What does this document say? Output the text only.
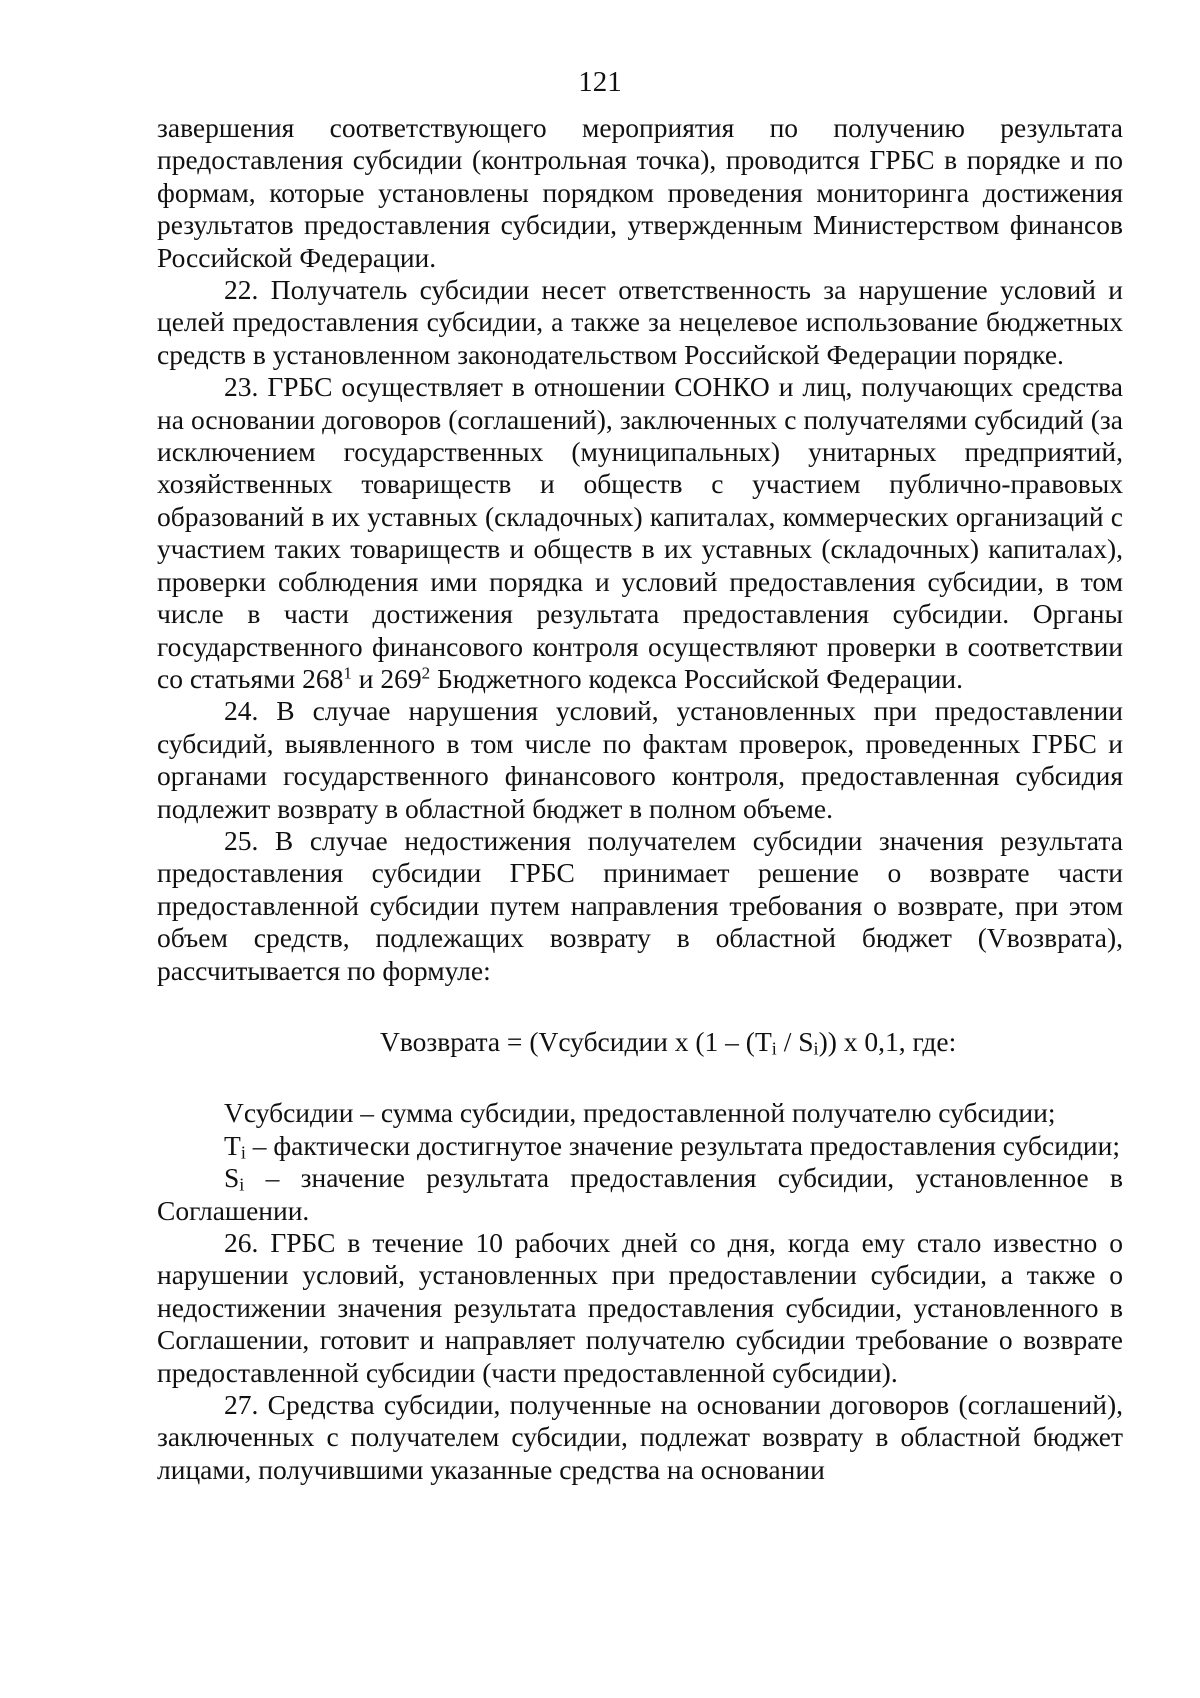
121

завершения соответствующего мероприятия по получению результата предоставления субсидии (контрольная точка), проводится ГРБС в порядке и по формам, которые установлены порядком проведения мониторинга достижения результатов предоставления субсидии, утвержденным Министерством финансов Российской Федерации.

22. Получатель субсидии несет ответственность за нарушение условий и целей предоставления субсидии, а также за нецелевое использование бюджетных средств в установленном законодательством Российской Федерации порядке.

23. ГРБС осуществляет в отношении СОНКО и лиц, получающих средства на основании договоров (соглашений), заключенных с получателями субсидий (за исключением государственных (муниципальных) унитарных предприятий, хозяйственных товариществ и обществ с участием публично-правовых образований в их уставных (складочных) капиталах, коммерческих организаций с участием таких товариществ и обществ в их уставных (складочных) капиталах), проверки соблюдения ими порядка и условий предоставления субсидии, в том числе в части достижения результата предоставления субсидии. Органы государственного финансового контроля осуществляют проверки в соответствии со статьями $268^1$ и $269^2$ Бюджетного кодекса Российской Федерации.

24. В случае нарушения условий, установленных при предоставлении субсидий, выявленного в том числе по фактам проверок, проведенных ГРБС и органами государственного финансового контроля, предоставленная субсидия подлежит возврату в областной бюджет в полном объеме.

25. В случае недостижения получателем субсидии значения результата предоставления субсидии ГРБС принимает решение о возврате части предоставленной субсидии путем направления требования о возврате, при этом объем средств, подлежащих возврату в областной бюджет (Vвозврата), рассчитывается по формуле:

Vвозврата = (Vсубсидии x $(1 - (T_i / S_i))$ x 0,1, где:

Vсубсидии – сумма субсидии, предоставленной получателю субсидии;

$T_i$ – фактически достигнутое значение результата предоставления субсидии;

$S_i$ – значение результата предоставления субсидии, установленное в Соглашении.

26. ГРБС в течение 10 рабочих дней со дня, когда ему стало известно о нарушении условий, установленных при предоставлении субсидии, а также о недостижении значения результата предоставления субсидии, установленного в Соглашении, готовит и направляет получателю субсидии требование о возврате предоставленной субсидии (части предоставленной субсидии).

27. Средства субсидии, полученные на основании договоров (соглашений), заключенных с получателем субсидии, подлежат возврату в областной бюджет лицами, получившими указанные средства на основании
